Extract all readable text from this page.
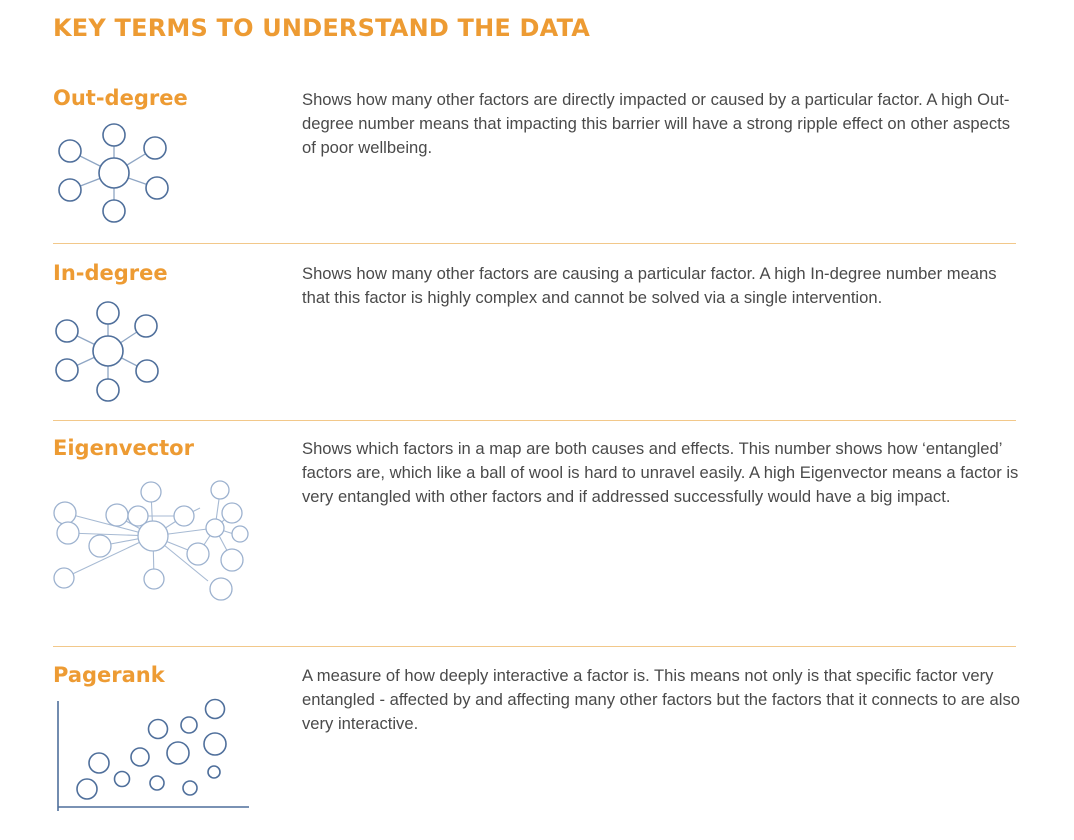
KEY TERMS TO UNDERSTAND THE DATA
Out-degree	Shows how many other factors are directly impacted or caused by a particular factor. A high Out-degree number means that impacting this barrier will have a strong ripple effect on other aspects of poor wellbeing.
In-degree	Shows how many other factors are causing a particular factor. A high In-degree number means that this factor is highly complex and cannot be solved via a single intervention.
Eigenvector	Shows which factors in a map are both causes and effects. This number shows how ‘entangled’ factors are, which like a ball of wool is hard to unravel easily. A high Eigenvector means a factor is very entangled with other factors and if addressed successfully would have a big impact.
Pagerank	A measure of how deeply interactive a factor is. This means not only is that specific factor very entangled - affected by and affecting many other factors but the factors that it connects to are also very interactive.
